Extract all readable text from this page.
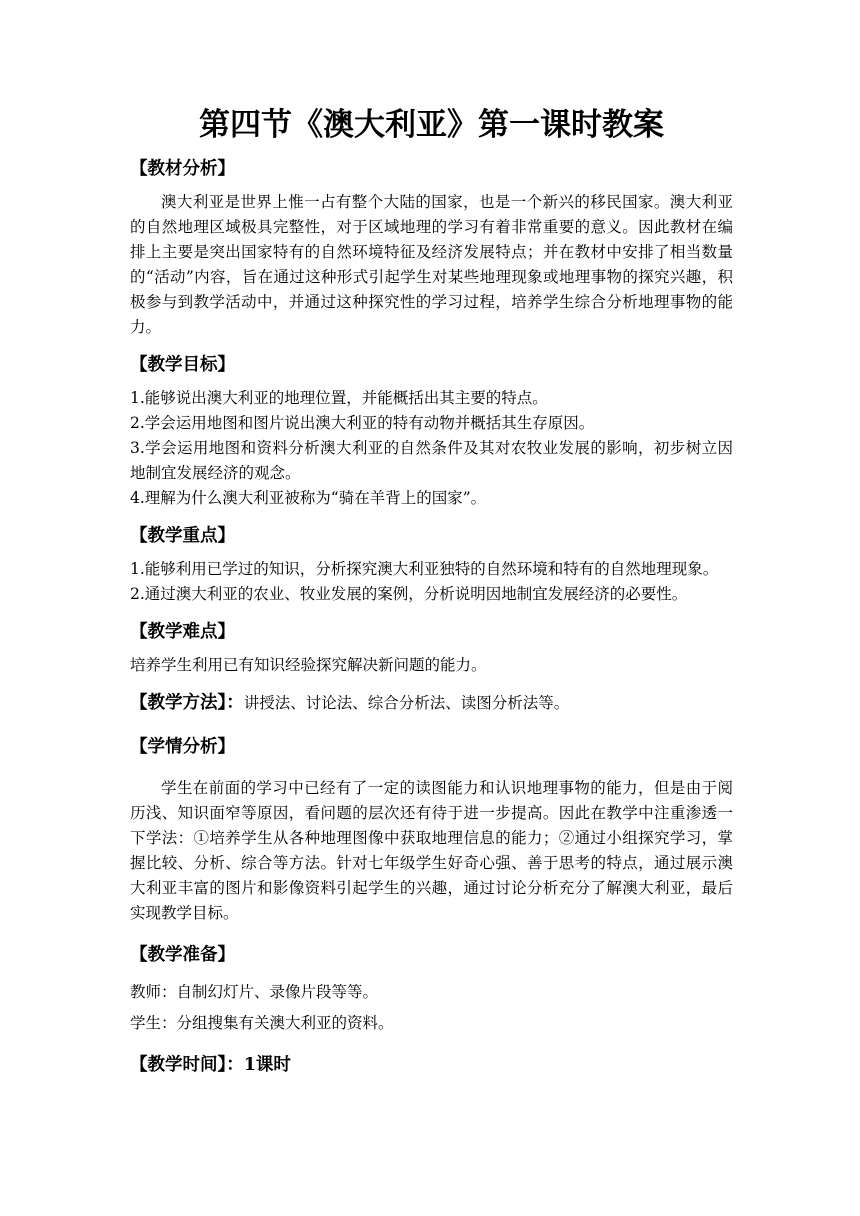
第四节《澳大利亚》第一课时教案

【教材分析】

澳大利亚是世界上惟一占有整个大陆的国家，也是一个新兴的移民国家。澳大利亚的自然地理区域极具完整性，对于区域地理的学习有着非常重要的意义。因此教材在编排上主要是突出国家特有的自然环境特征及经济发展特点；并在教材中安排了相当数量的“活动”内容，旨在通过这种形式引起学生对某些地理现象或地理事物的探究兴趣，积极参与到教学活动中，并通过这种探究性的学习过程，培养学生综合分析地理事物的能力。

【教学目标】

1.能够说出澳大利亚的地理位置，并能概括出其主要的特点。

2.学会运用地图和图片说出澳大利亚的特有动物并概括其生存原因。

3.学会运用地图和资料分析澳大利亚的自然条件及其对农牧业发展的影响，初步树立因地制宜发展经济的观念。

4.理解为什么澳大利亚被称为“骑在羊背上的国家”。

【教学重点】

1.能够利用已学过的知识，分析探究澳大利亚独特的自然环境和特有的自然地理现象。

2.通过澳大利亚的农业、牧业发展的案例，分析说明因地制宜发展经济的必要性。

【教学难点】

培养学生利用已有知识经验探究解决新问题的能力。

【教学方法】：讲授法、讨论法、综合分析法、读图分析法等。

【学情分析】

学生在前面的学习中已经有了一定的读图能力和认识地理事物的能力，但是由于阅历浅、知识面窄等原因，看问题的层次还有待于进一步提高。因此在教学中注重渗透一下学法：①培养学生从各种地理图像中获取地理信息的能力；②通过小组探究学习，掌握比较、分析、综合等方法。针对七年级学生好奇心强、善于思考的特点，通过展示澳大利亚丰富的图片和影像资料引起学生的兴趣，通过讨论分析充分了解澳大利亚，最后实现教学目标。

【教学准备】

教师：自制幻灯片、录像片段等等。

学生：分组搜集有关澳大利亚的资料。

【教学时间】：1课时
